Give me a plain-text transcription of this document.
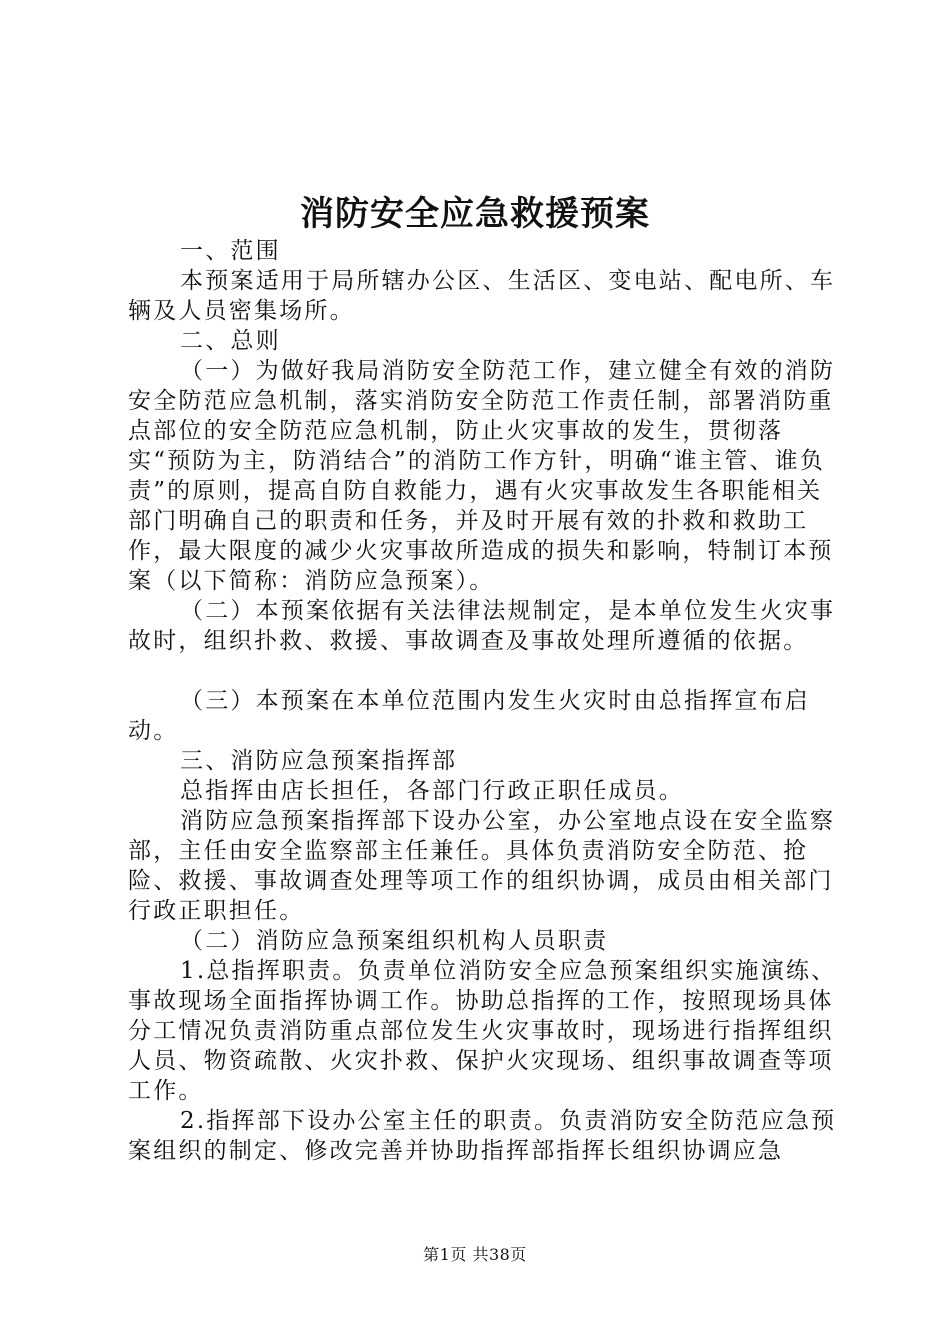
消防安全应急救援预案

一、范围

本预案适用于局所辖办公区、生活区、变电站、配电所、车辆及人员密集场所。

二、总则

（一）为做好我局消防安全防范工作，建立健全有效的消防安全防范应急机制，落实消防安全防范工作责任制，部署消防重点部位的安全防范应急机制，防止火灾事故的发生，贯彻落实“预防为主，防消结合”的消防工作方针，明确“谁主管、谁负责”的原则，提高自防自救能力，遇有火灾事故发生各职能相关部门明确自己的职责和任务，并及时开展有效的扑救和救助工作，最大限度的减少火灾事故所造成的损失和影响，特制订本预案（以下简称：消防应急预案）。

（二）本预案依据有关法律法规制定，是本单位发生火灾事故时，组织扑救、救援、事故调查及事故处理所遵循的依据。

（三）本预案在本单位范围内发生火灾时由总指挥宣布启动。

三、消防应急预案指挥部

总指挥由店长担任，各部门行政正职任成员。

消防应急预案指挥部下设办公室，办公室地点设在安全监察部，主任由安全监察部主任兼任。具体负责消防安全防范、抢险、救援、事故调查处理等项工作的组织协调，成员由相关部门行政正职担任。

（二）消防应急预案组织机构人员职责

1.总指挥职责。负责单位消防安全应急预案组织实施演练、事故现场全面指挥协调工作。协助总指挥的工作，按照现场具体分工情况负责消防重点部位发生火灾事故时，现场进行指挥组织人员、物资疏散、火灾扑救、保护火灾现场、组织事故调查等项工作。

2.指挥部下设办公室主任的职责。负责消防安全防范应急预案组织的制定、修改完善并协助指挥部指挥长组织协调应急

第1页 共38页
